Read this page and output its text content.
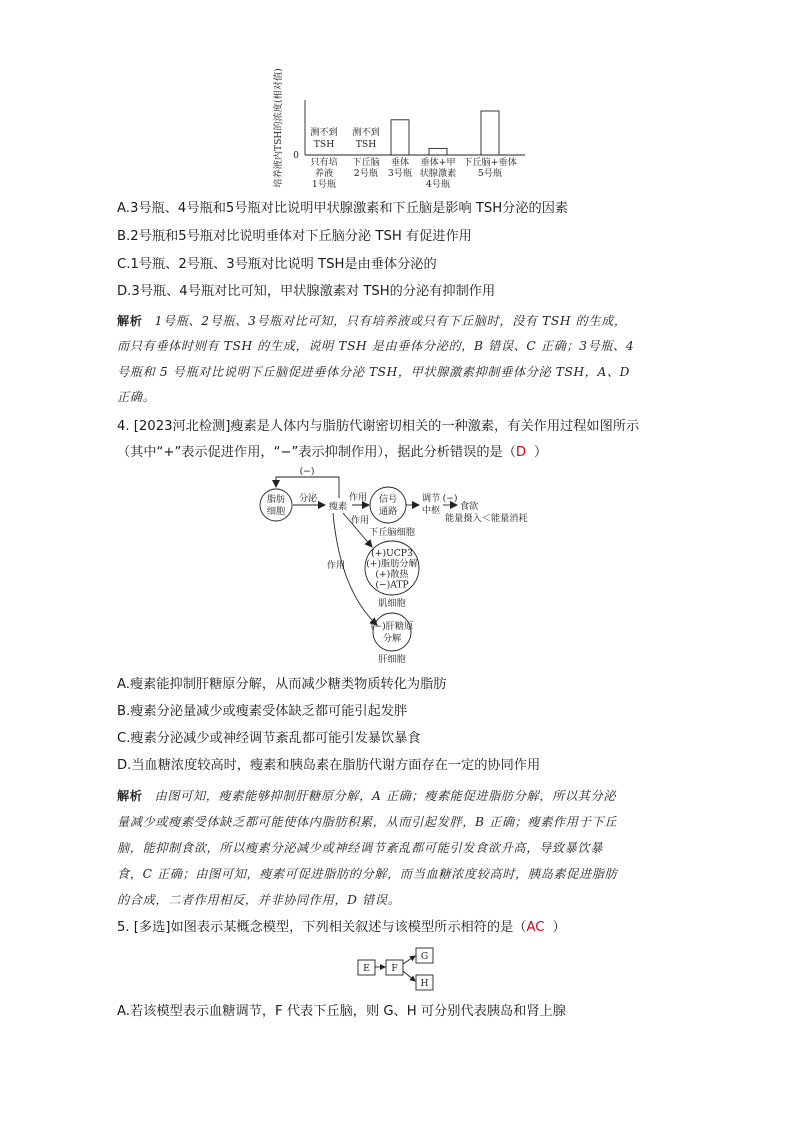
0
培养液内TSH的浓度(相对值)	测不到
TSH
只有培
养液
1号瓶
测不到
TSH
下丘脑
2号瓶
垂体
3号瓶
垂体+甲
状腺激素
4号瓶
下丘脑+垂体
5号瓶
A.3号瓶、4号瓶和5号瓶对比说明甲状腺激素和下丘脑是影响 TSH分泌的因素
B.2号瓶和5号瓶对比说明垂体对下丘脑分泌 TSH 有促进作用
C.1号瓶、2号瓶、3号瓶对比说明 TSH是由垂体分泌的
D.3号瓶、4号瓶对比可知，甲状腺激素对 TSH的分泌有抑制作用
解析 1号瓶、2号瓶、3号瓶对比可知，只有培养液或只有下丘脑时，没有 TSH 的生成，
而只有垂体时则有 TSH 的生成，说明 TSH 是由垂体分泌的，B 错误、C 正确；3号瓶、4
号瓶和 5 号瓶对比说明下丘脑促进垂体分泌 TSH，甲状腺激素抑制垂体分泌 TSH，A、D
正确。
4. [2023河北检测]瘦素是人体内与脂肪代谢密切相关的一种激素，有关作用过程如图所示
（其中“+”表示促进作用，“−”表示抑制作用），据此分析错误的是（D ）
脂肪
细胞
(−)
分泌
瘦素
作用
作用
作用
信号
通路
下丘脑细胞
调节
中枢
(−)
食欲
能量摄入＜能量消耗
(+)UCP3
(+)脂肪分解
(+)散热
(−)ATP
肌细胞
(−)肝糖原
分解
肝细胞
A.瘦素能抑制肝糖原分解，从而减少糖类物质转化为脂肪
B.瘦素分泌量减少或瘦素受体缺乏都可能引起发胖
C.瘦素分泌减少或神经调节紊乱都可能引发暴饮暴食
D.当血糖浓度较高时，瘦素和胰岛素在脂肪代谢方面存在一定的协同作用
解析 由图可知，瘦素能够抑制肝糖原分解，A 正确；瘦素能促进脂肪分解，所以其分泌
量减少或瘦素受体缺乏都可能使体内脂肪积累，从而引起发胖，B 正确；瘦素作用于下丘
脑，能抑制食欲，所以瘦素分泌减少或神经调节紊乱都可能引发食欲升高，导致暴饮暴
食，C 正确；由图可知，瘦素可促进脂肪的分解，而当血糖浓度较高时，胰岛素促进脂肪
的合成，二者作用相反，并非协同作用，D 错误。
5. [多选]如图表示某概念模型，下列相关叙述与该模型所示相符的是（AC ）
E F
G
H
A.若该模型表示血糖调节，F 代表下丘脑，则 G、H 可分别代表胰岛和肾上腺
